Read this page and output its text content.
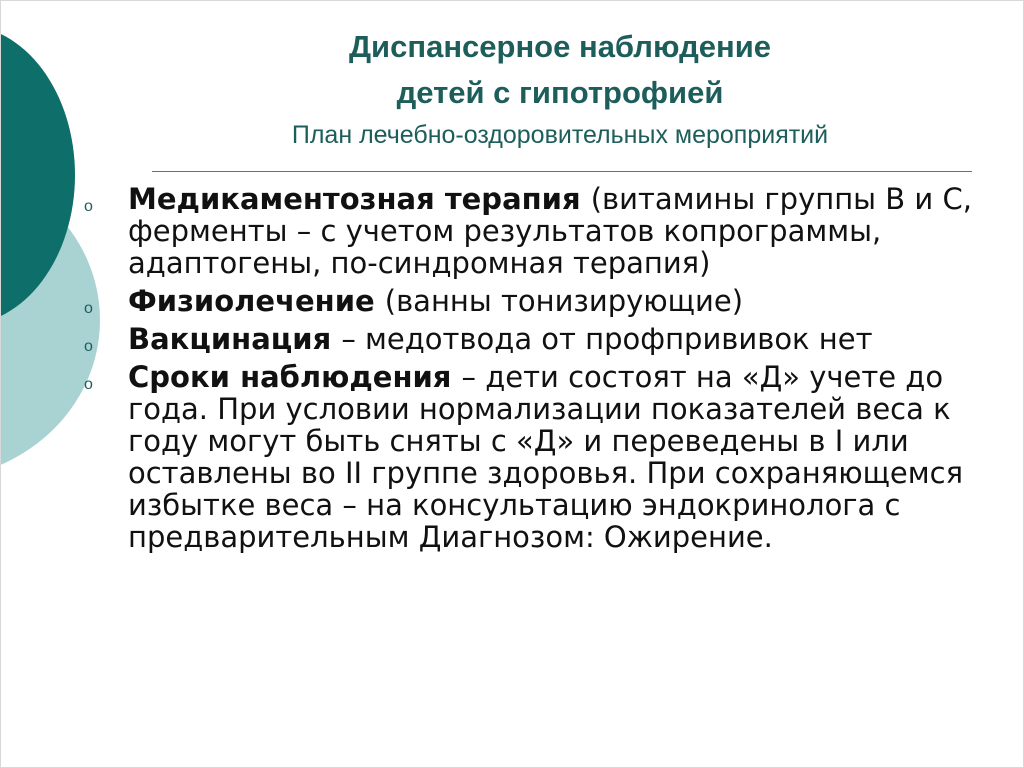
Диспансерное наблюдение
детей с гипотрофией
План лечебно-оздоровительных мероприятий
o Медикаментозная терапия (витамины группы В и С, ферменты – с учетом результатов копрограммы, адаптогены, по-синдромная терапия)
o Физиолечение (ванны тонизирующие)
o Вакцинация – медотвода от профпрививок нет
o Сроки наблюдения – дети состоят на «Д» учете до года. При условии нормализации показателей веса к году могут быть сняты с «Д» и переведены в I или оставлены во II группе здоровья. При сохраняющемся избытке веса – на консультацию эндокринолога с предварительным Диагнозом: Ожирение.
